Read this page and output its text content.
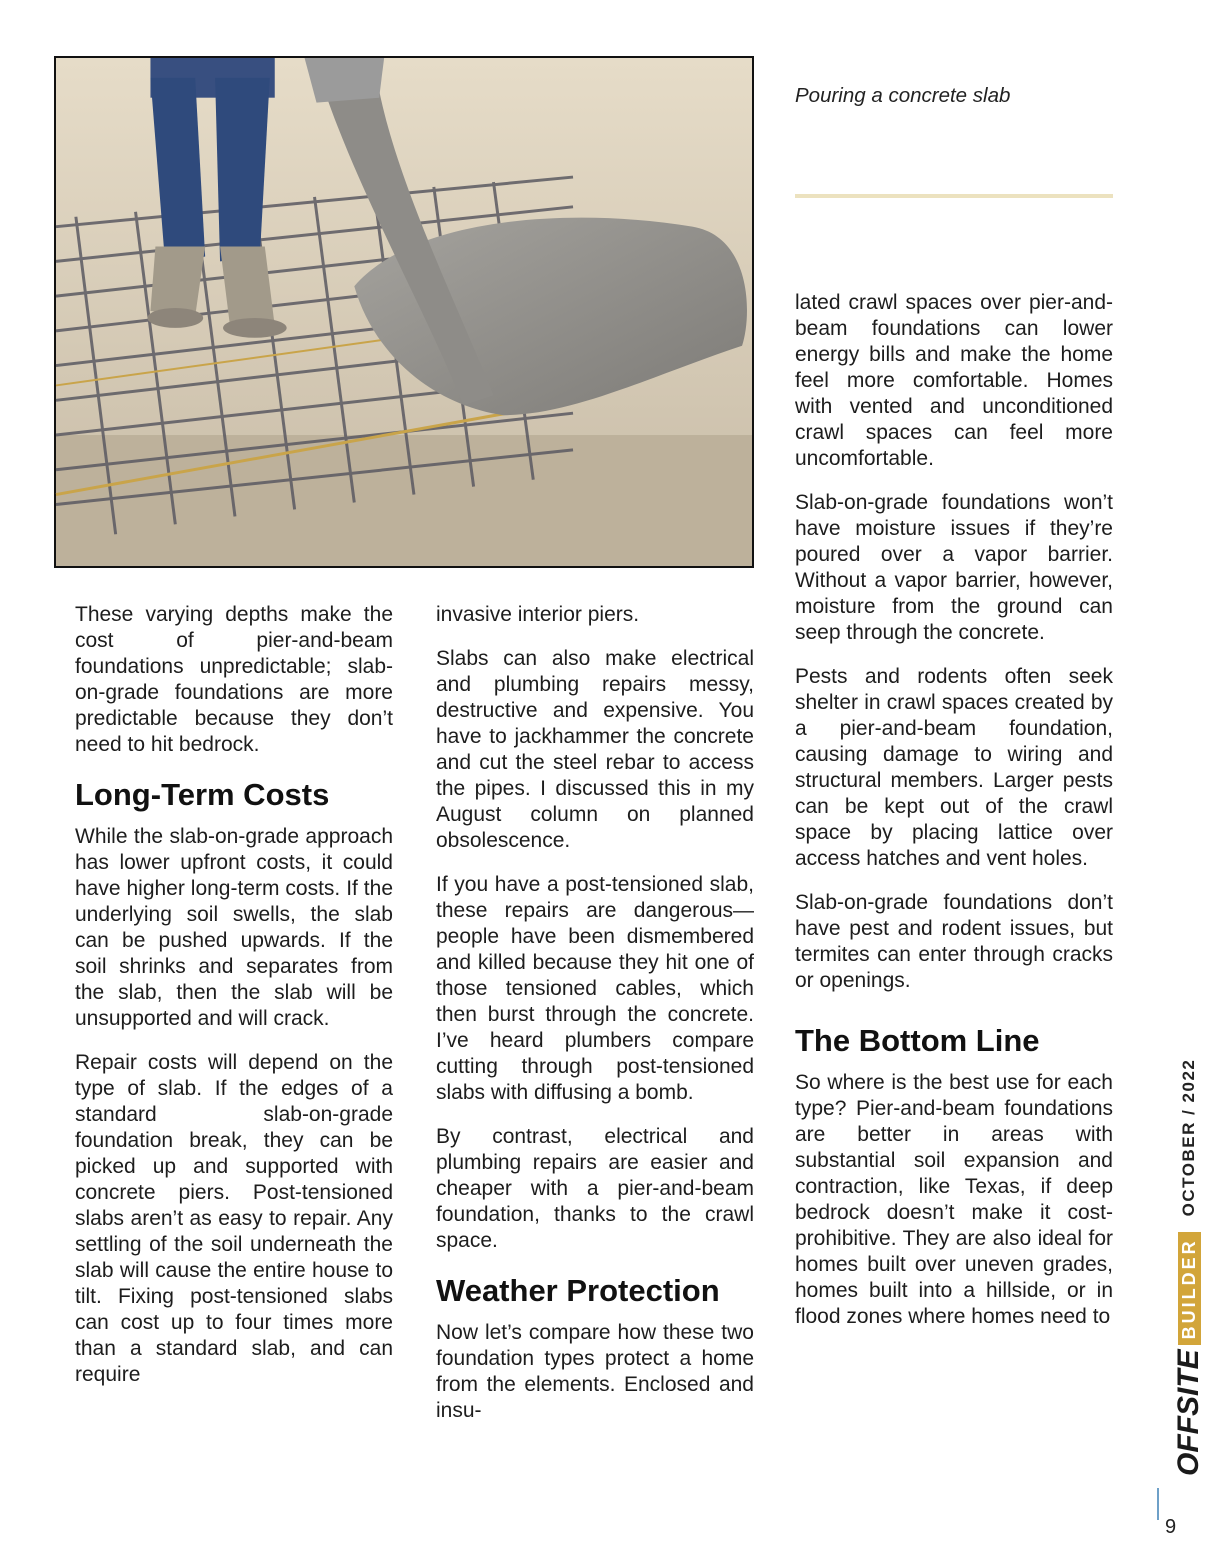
Pouring a concrete slab

These varying depths make the cost of pier-and-beam foundations unpredictable; slab-on-grade foundations are more predictable because they don’t need to hit bedrock.

Long-Term Costs

While the slab-on-grade approach has lower upfront costs, it could have higher long-term costs. If the underlying soil swells, the slab can be pushed upwards. If the soil shrinks and separates from the slab, then the slab will be unsupported and will crack.

Repair costs will depend on the type of slab. If the edges of a standard slab-on-grade foundation break, they can be picked up and supported with concrete piers. Post-tensioned slabs aren’t as easy to repair. Any settling of the soil underneath the slab will cause the entire house to tilt. Fixing post-tensioned slabs can cost up to four times more than a standard slab, and can require

invasive interior piers.

Slabs can also make electrical and plumbing repairs messy, destructive and expensive. You have to jackhammer the concrete and cut the steel rebar to access the pipes. I discussed this in my August column on planned obsolescence.

If you have a post-tensioned slab, these repairs are dangerous—people have been dismembered and killed because they hit one of those tensioned cables, which then burst through the concrete. I’ve heard plumbers compare cutting through post-tensioned slabs with diffusing a bomb.

By contrast, electrical and plumbing repairs are easier and cheaper with a pier-and-beam foundation, thanks to the crawl space.

Weather Protection

Now let’s compare how these two foundation types protect a home from the elements. Enclosed and insu-

lated crawl spaces over pier-and-beam foundations can lower energy bills and make the home feel more comfortable. Homes with vented and unconditioned crawl spaces can feel more uncomfortable.

Slab-on-grade foundations won’t have moisture issues if they’re poured over a vapor barrier. Without a vapor barrier, however, moisture from the ground can seep through the concrete.

Pests and rodents often seek shelter in crawl spaces created by a pier-and-beam foundation, causing damage to wiring and structural members. Larger pests can be kept out of the crawl space by placing lattice over access hatches and vent holes.

Slab-on-grade foundations don’t have pest and rodent issues, but termites can enter through cracks or openings.

The Bottom Line

So where is the best use for each type? Pier-and-beam foundations are better in areas with substantial soil expansion and contraction, like Texas, if deep bedrock doesn’t make it cost-prohibitive. They are also ideal for homes built over uneven grades, homes built into a hillside, or in flood zones where homes need to

OFFSITE
BUILDER
OCTOBER / 2022
9
